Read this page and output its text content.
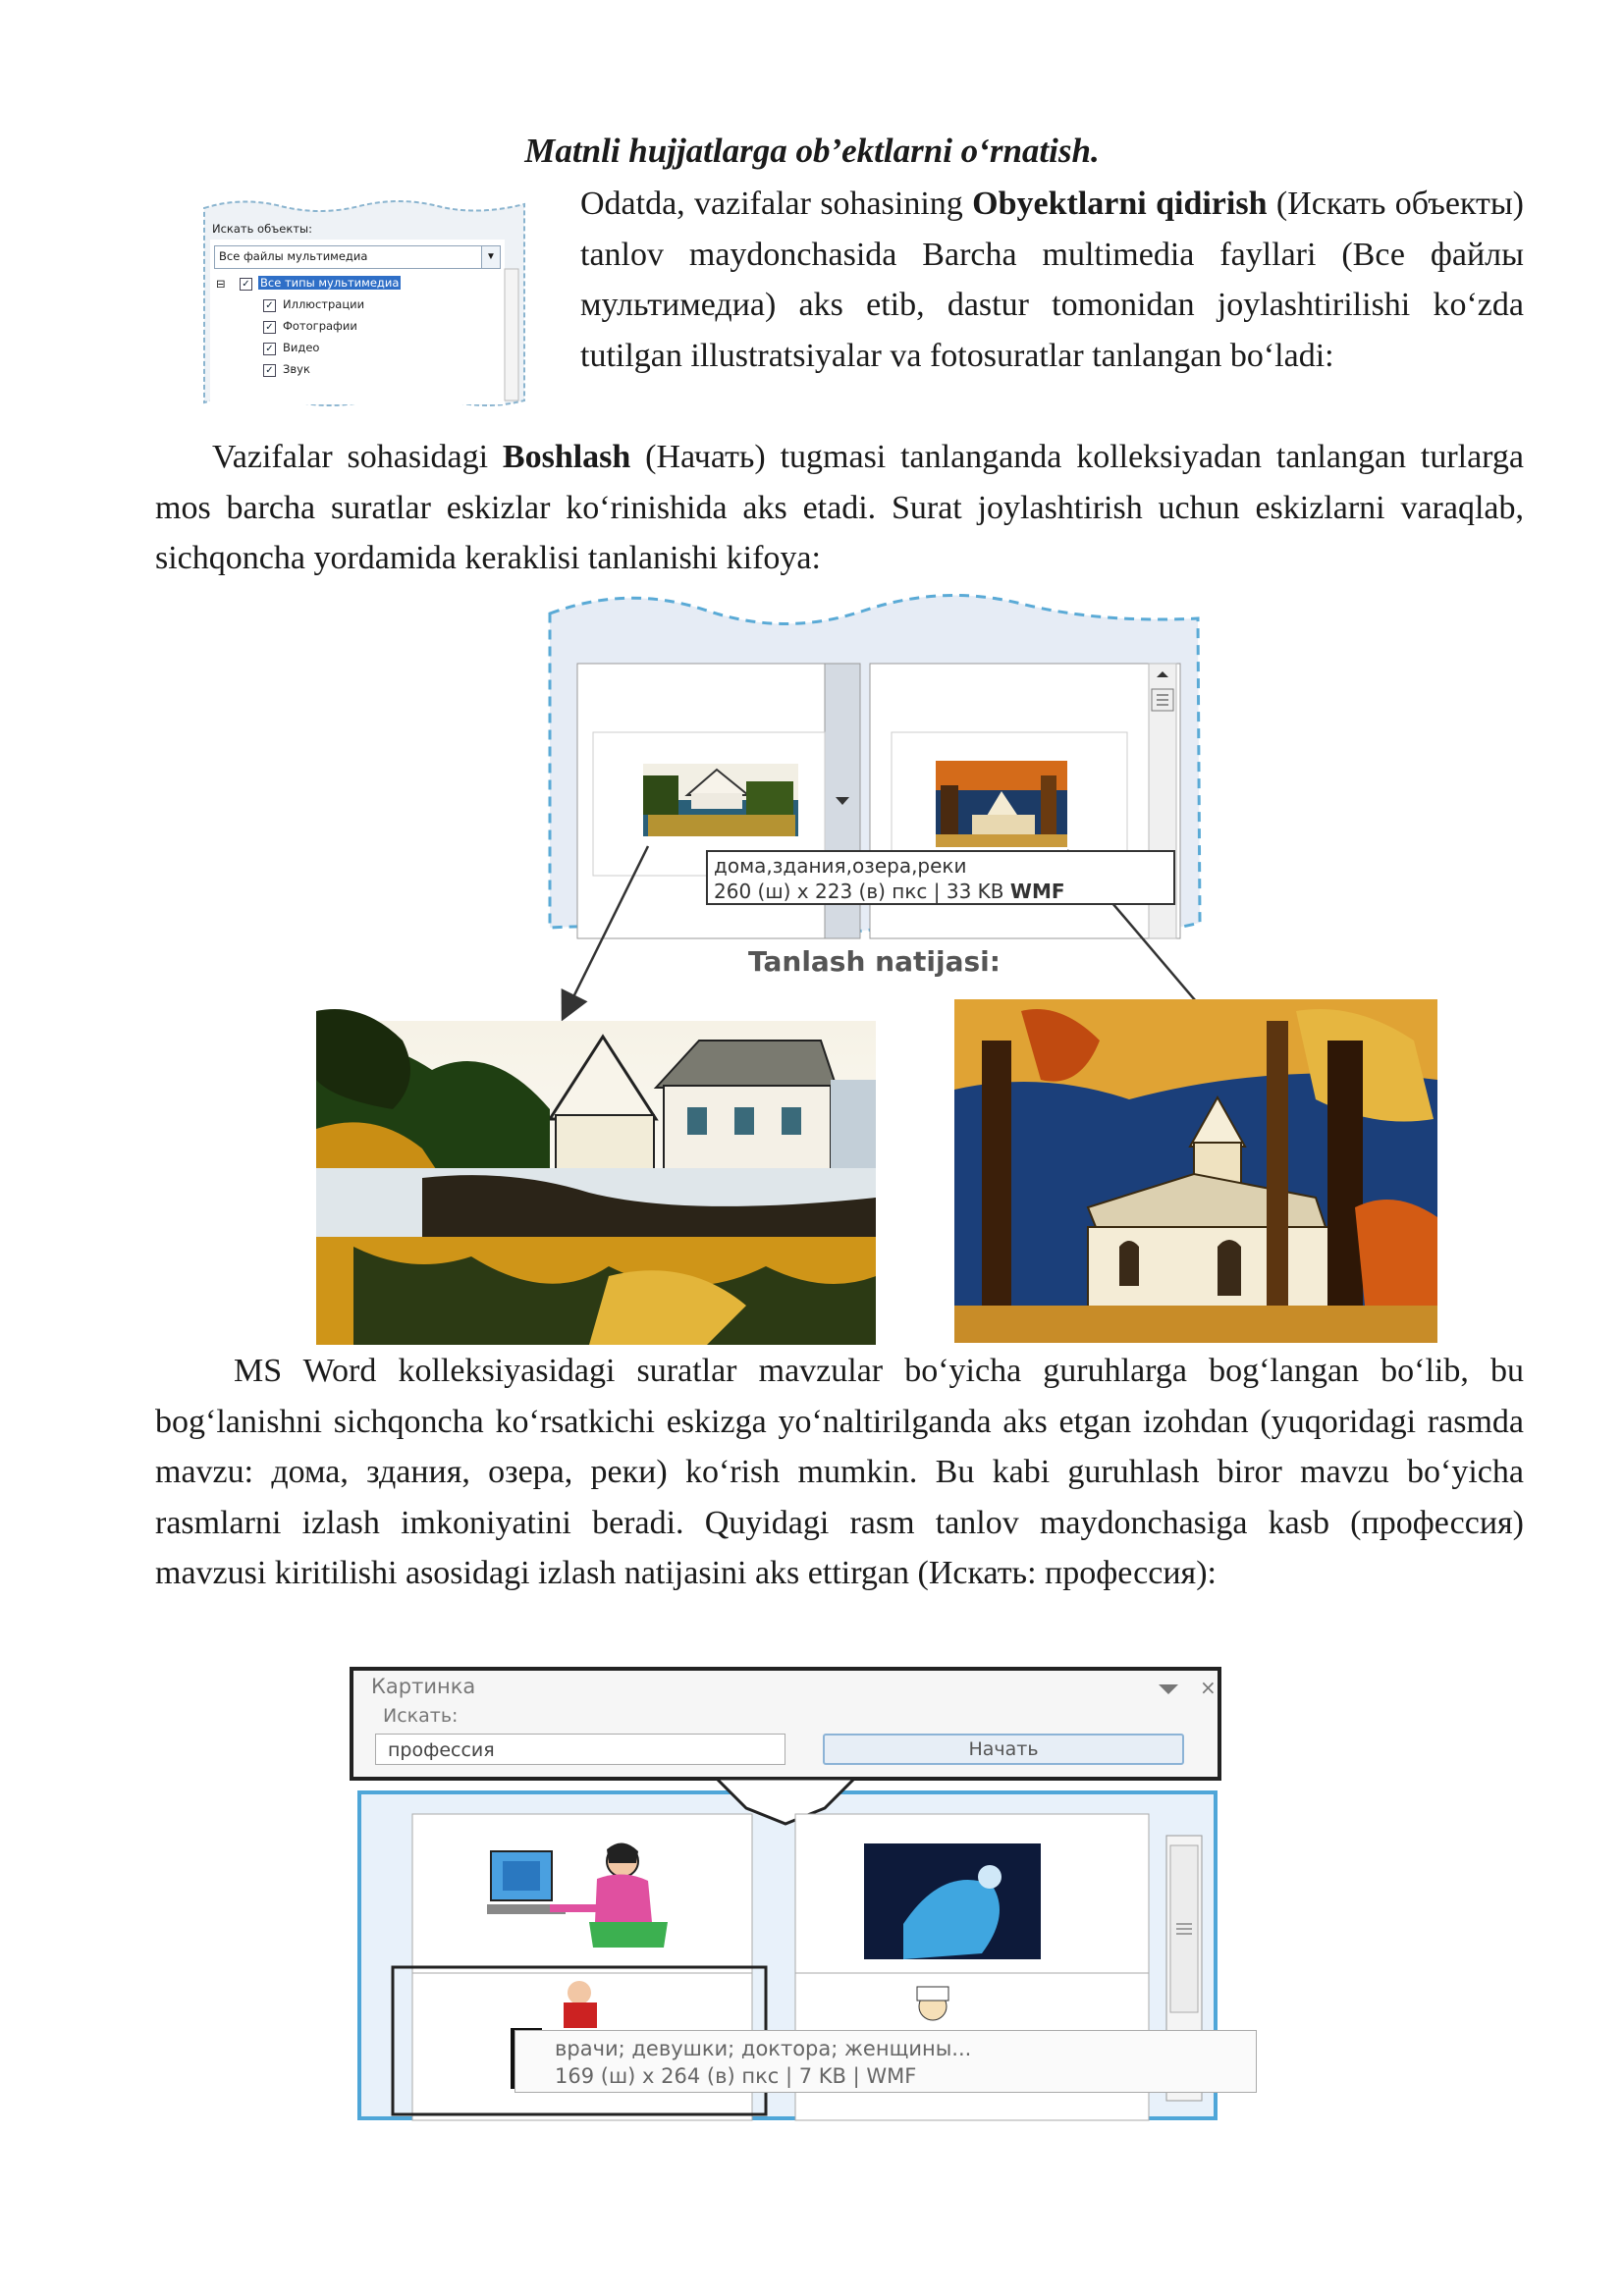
Matnli hujjatlarga ob’ektlarni o‘rnatish.
Искать объекты:
Все файлы мультимедиа	▼
⊟ ✓ Все типы мультимедиа
✓ Иллюстрации
✓ Фотографии
✓ Видео
✓ Звук

Odatda, vazifalar sohasining Obyektlarni qidirish (Искать объекты) tanlov maydonchasida Barcha multimedia fayllari (Все файлы мультимедиа) aks etib, dastur tomonidan joylashtirilishi ko‘zda tutilgan illustratsiyalar va fotosuratlar tanlangan bo‘ladi:

Vazifalar sohasidagi Boshlash (Начать) tugmasi tanlanganda kolleksiyadan tanlangan turlarga mos barcha suratlar eskizlar ko‘rinishida aks etadi. Surat joylashtirish uchun eskizlarni varaqlab, sichqoncha yordamida keraklisi tanlanishi kifoya:

дома,здания,озера,реки
260 (ш) x 223 (в) пкс | 33 KB WMF
Tanlash natijasi:

MS Word kolleksiyasidagi suratlar mavzular bo‘yicha guruhlarga bog‘langan bo‘lib, bu bog‘lanishni sichqoncha ko‘rsatkichi eskizga yo‘naltirilganda aks etgan izohdan (yuqoridagi rasmda mavzu: дома, здания, озера, реки) ko‘rish mumkin. Bu kabi guruhlash biror mavzu bo‘yicha rasmlarni izlash imkoniyatini beradi. Quyidagi rasm tanlov maydonchasiga kasb (профессия) mavzusi kiritilishi asosidagi izlash natijasini aks ettirgan (Искать: профессия):

×
Картинка
Искать:
профессия	Начать
врачи; девушки; доктора; женщины...
169 (ш) x 264 (в) пкс | 7 KB | WMF
